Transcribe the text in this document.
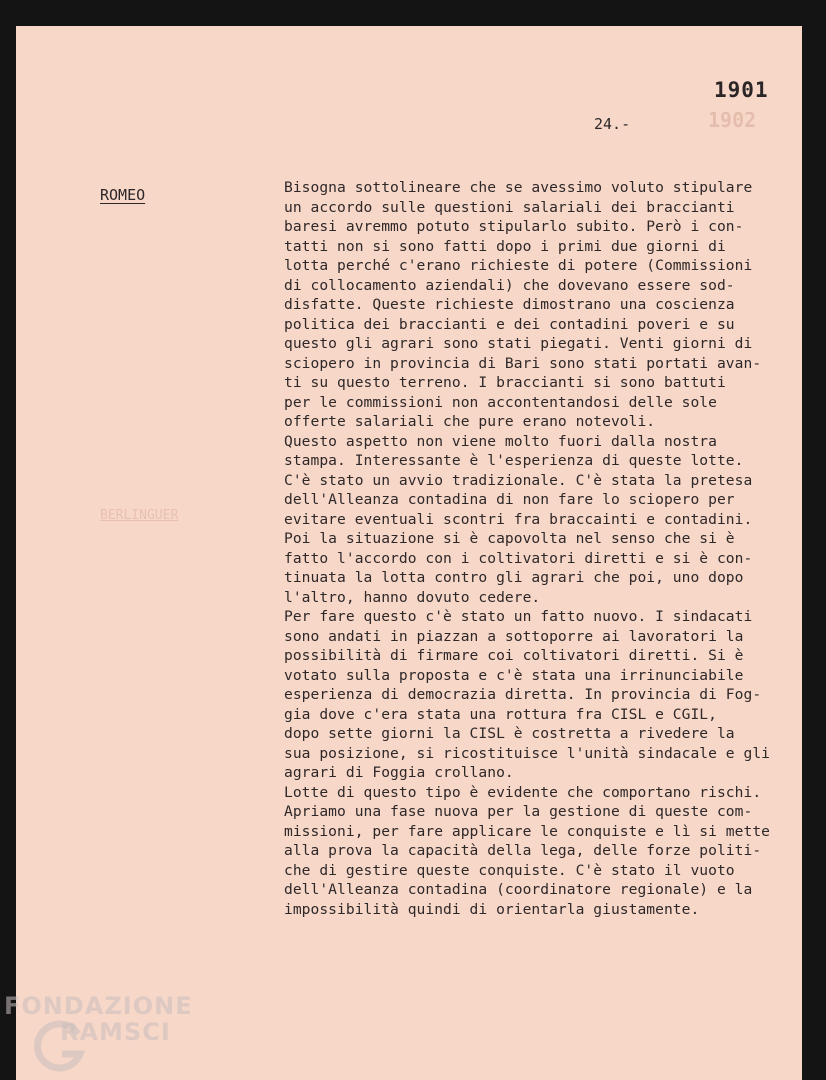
1902
BERLINGUER
1901
24.-
ROMEO	Bisogna sottolineare che se avessimo voluto stipulare
un accordo sulle questioni salariali dei braccianti
baresi avremmo potuto stipularlo subito. Però i con-
tatti non si sono fatti dopo i primi due giorni di
lotta perché c'erano richieste di potere (Commissioni
di collocamento aziendali) che dovevano essere sod-
disfatte. Queste richieste dimostrano una coscienza
politica dei braccianti e dei contadini poveri e su
questo gli agrari sono stati piegati. Venti giorni di
sciopero in provincia di Bari sono stati portati avan-
ti su questo terreno. I braccianti si sono battuti
per le commissioni non accontentandosi delle sole
offerte salariali che pure erano notevoli.
Questo aspetto non viene molto fuori dalla nostra
stampa. Interessante è l'esperienza di queste lotte.
C'è stato un avvio tradizionale. C'è stata la pretesa
dell'Alleanza contadina di non fare lo sciopero per
evitare eventuali scontri fra braccainti e contadini.
Poi la situazione si è capovolta nel senso che si è
fatto l'accordo con i coltivatori diretti e si è con-
tinuata la lotta contro gli agrari che poi, uno dopo
l'altro, hanno dovuto cedere.
Per fare questo c'è stato un fatto nuovo. I sindacati
sono andati in piazzan a sottoporre ai lavoratori la
possibilità di firmare coi coltivatori diretti. Si è
votato sulla proposta e c'è stata una irrinunciabile
esperienza di democrazia diretta. In provincia di Fog-
gia dove c'era stata una rottura fra CISL e CGIL,
dopo sette giorni la CISL è costretta a rivedere la
sua posizione, si ricostituisce l'unità sindacale e gli
agrari di Foggia crollano.
Lotte di questo tipo è evidente che comportano rischi.
Apriamo una fase nuova per la gestione di queste com-
missioni, per fare applicare le conquiste e lì si mette
alla prova la capacità della lega, delle forze politi-
che di gestire queste conquiste. C'è stato il vuoto
dell'Alleanza contadina (coordinatore regionale) e la
impossibilità quindi di orientarla giustamente.
FONDAZIONE
RAMSCI
